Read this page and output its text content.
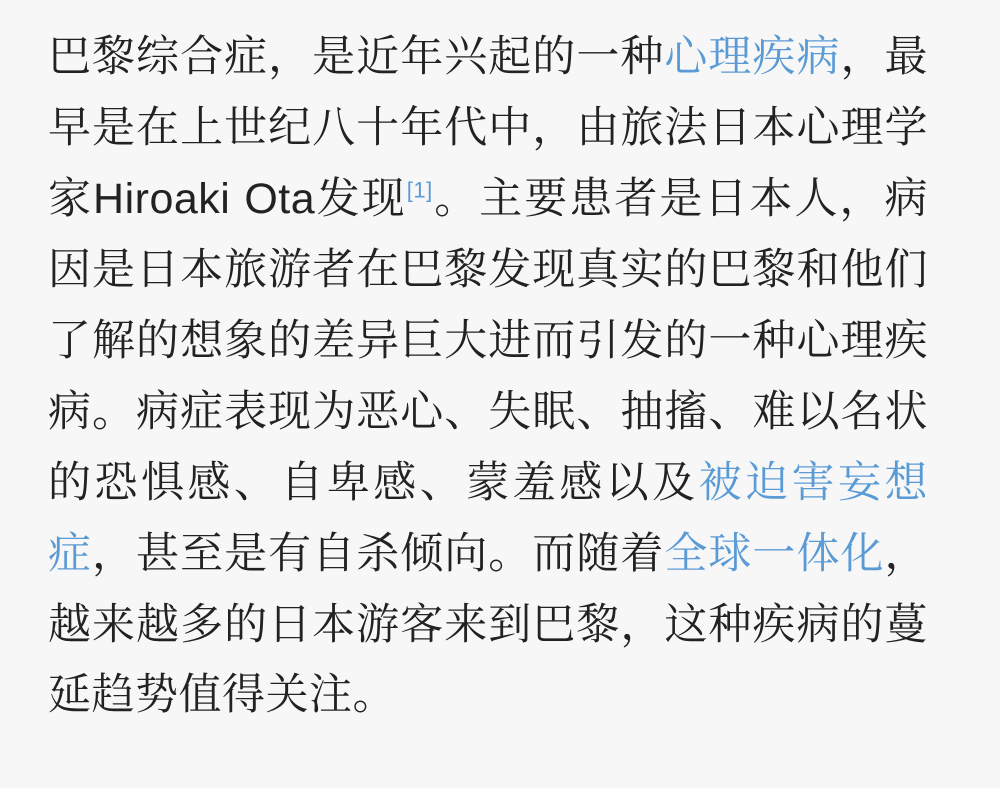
巴黎综合症，是近年兴起的一种心理疾病，最早是在上世纪八十年代中，由旅法日本心理学家Hiroaki Ota发现[1]。主要患者是日本人，病因是日本旅游者在巴黎发现真实的巴黎和他们了解的想象的差异巨大进而引发的一种心理疾病。病症表现为恶心、失眠、抽搐、难以名状的恐惧感、自卑感、蒙羞感以及被迫害妄想症，甚至是有自杀倾向。而随着全球一体化，越来越多的日本游客来到巴黎，这种疾病的蔓延趋势值得关注。
